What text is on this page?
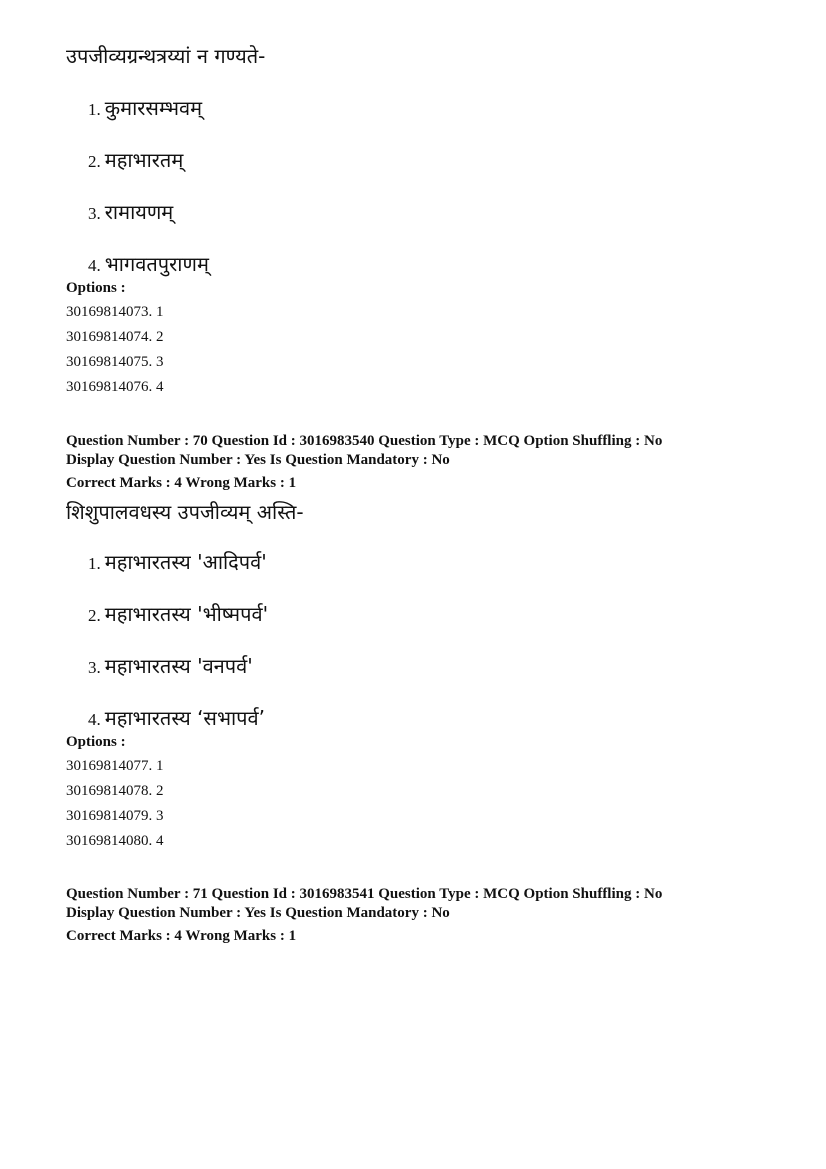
उपजीव्यग्रन्थत्रय्यां न गण्यते-
1. कुमारसम्भवम्
2. महाभारतम्
3. रामायणम्
4. भागवतपुराणम्
Options :
30169814073. 1
30169814074. 2
30169814075. 3
30169814076. 4
Question Number : 70 Question Id : 3016983540 Question Type : MCQ Option Shuffling : No
Display Question Number : Yes Is Question Mandatory : No
Correct Marks : 4 Wrong Marks : 1
शिशुपालवधस्य उपजीव्यम् अस्ति-
1. महाभारतस्य 'आदिपर्व'
2. महाभारतस्य 'भीष्मपर्व'
3. महाभारतस्य 'वनपर्व'
4. महाभारतस्य ‘सभापर्व’
Options :
30169814077. 1
30169814078. 2
30169814079. 3
30169814080. 4
Question Number : 71 Question Id : 3016983541 Question Type : MCQ Option Shuffling : No
Display Question Number : Yes Is Question Mandatory : No
Correct Marks : 4 Wrong Marks : 1
